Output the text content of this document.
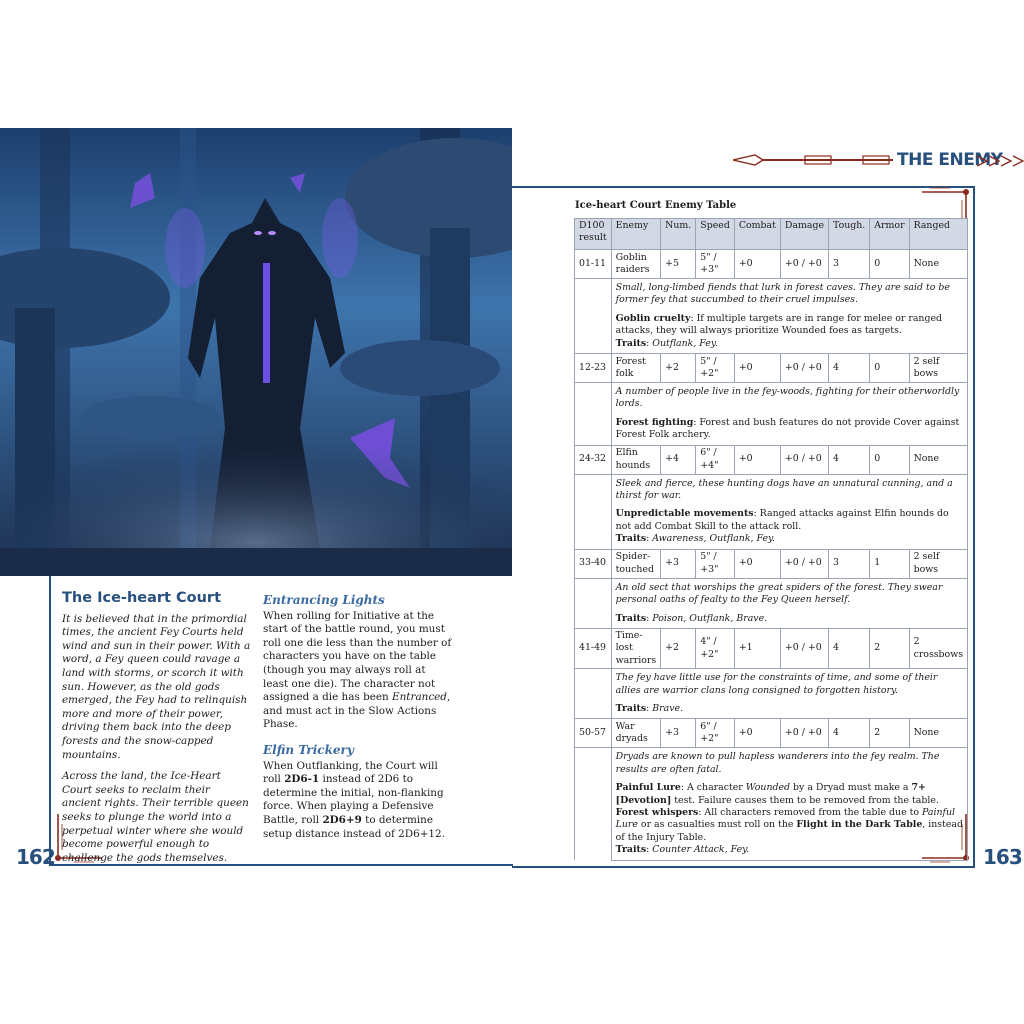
THE ENEMY
162	163
The Ice-heart Court

It is believed that in the primordial times, the ancient Fey Courts held wind and sun in their power. With a word, a Fey queen could ravage a land with storms, or scorch it with sun. However, as the old gods emerged, the Fey had to relinquish more and more of their power, driving them back into the deep forests and the snow-capped mountains.

Across the land, the Ice-Heart Court seeks to reclaim their ancient rights. Their terrible queen seeks to plunge the world into a perpetual winter where she would become powerful enough to challenge the gods themselves.

Entrancing Lights

When rolling for Initiative at the start of the battle round, you must roll one die less than the number of characters you have on the table (though you may always roll at least one die). The character not assigned a die has been Entranced, and must act in the Slow Actions Phase.

Elfin Trickery

When Outflanking, the Court will roll 2D6-1 instead of 2D6 to determine the initial, non-flanking force. When playing a Defensive Battle, roll 2D6+9 to determine setup distance instead of 2D6+12.

Ice-heart Court Enemy Table
D100 result	Enemy	Num.	Speed	Combat	Damage	Tough.	Armor	Ranged
01-11	Goblin raiders	+5	5" / +3"	+0	+0 / +0	3	0	None

	Small, long-limbed fiends that lurk in forest caves. They are said to be former fey that succumbed to their cruel impulses.
Goblin cruelty: If multiple targets are in range for melee or ranged attacks, they will always prioritize Wounded foes as targets.
Traits: Outflank, Fey.							

12-23	Forest folk	+2	5" / +2"	+0	+0 / +0	4	0	2 self bows

	A number of people live in the fey-woods, fighting for their otherworldly lords.
Forest fighting: Forest and bush features do not provide Cover against Forest Folk archery.							

24-32	Elfin hounds	+4	6" / +4"	+0	+0 / +0	4	0	None

	Sleek and fierce, these hunting dogs have an unnatural cunning, and a thirst for war.
Unpredictable movements: Ranged attacks against Elfin hounds do not add Combat Skill to the attack roll.
Traits: Awareness, Outflank, Fey.							

33-40	Spider-touched	+3	5" / +3"	+0	+0 / +0	3	1	2 self bows

	An old sect that worships the great spiders of the forest. They swear personal oaths of fealty to the Fey Queen herself.
Traits: Poison, Outflank, Brave.							

41-49	Time-lost warriors	+2	4" / +2"	+1	+0 / +0	4	2	2 crossbows

	The fey have little use for the constraints of time, and some of their allies are warrior clans long consigned to forgotten history.
Traits: Brave.							

50-57	War dryads	+3	6" / +2"	+0	+0 / +0	4	2	None

	Dryads are known to pull hapless wanderers into the fey realm. The results are often fatal.
Painful Lure: A character Wounded by a Dryad must make a 7+ [Devotion] test. Failure causes them to be removed from the table.
Forest whispers: All characters removed from the table due to Painful Lure or as casualties must roll on the Flight in the Dark Table, instead of the Injury Table.
Traits: Counter Attack, Fey.							
